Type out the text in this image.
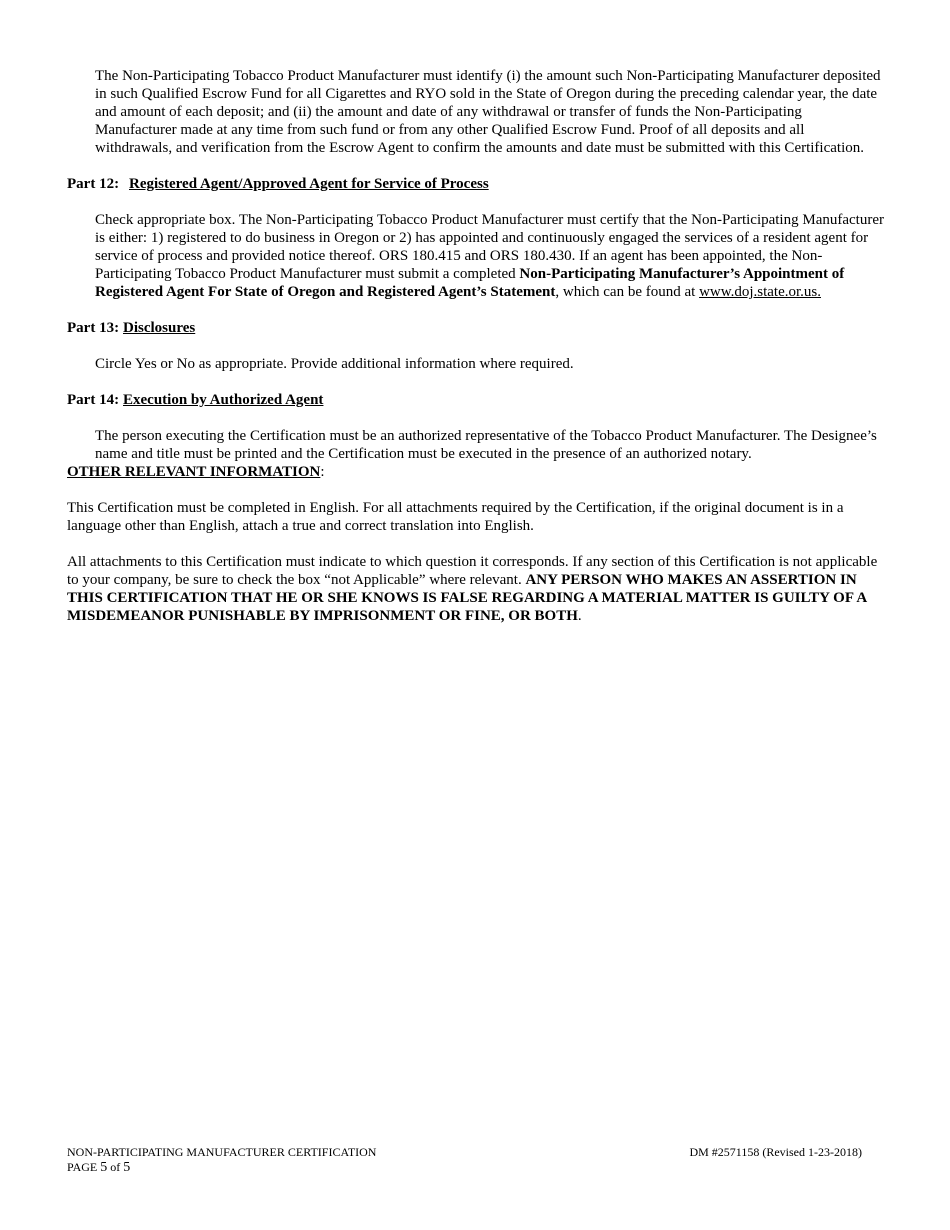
The Non-Participating Tobacco Product Manufacturer must identify (i) the amount such Non-Participating Manufacturer deposited in such Qualified Escrow Fund for all Cigarettes and RYO sold in the State of Oregon during the preceding calendar year, the date and amount of each deposit; and (ii) the amount and date of any withdrawal or transfer of funds the Non-Participating Manufacturer made at any time from such fund or from any other Qualified Escrow Fund. Proof of all deposits and all withdrawals, and verification from the Escrow Agent to confirm the amounts and date must be submitted with this Certification.

Part 12: Registered Agent/Approved Agent for Service of Process

Check appropriate box. The Non-Participating Tobacco Product Manufacturer must certify that the Non-Participating Manufacturer is either: 1) registered to do business in Oregon or 2) has appointed and continuously engaged the services of a resident agent for service of process and provided notice thereof. ORS 180.415 and ORS 180.430. If an agent has been appointed, the Non-Participating Tobacco Product Manufacturer must submit a completed Non-Participating Manufacturer’s Appointment of Registered Agent For State of Oregon and Registered Agent’s Statement, which can be found at www.doj.state.or.us.

Part 13: Disclosures

Circle Yes or No as appropriate. Provide additional information where required.

Part 14: Execution by Authorized Agent

The person executing the Certification must be an authorized representative of the Tobacco Product Manufacturer. The Designee’s name and title must be printed and the Certification must be executed in the presence of an authorized notary.

OTHER RELEVANT INFORMATION:

This Certification must be completed in English. For all attachments required by the Certification, if the original document is in a language other than English, attach a true and correct translation into English.

All attachments to this Certification must indicate to which question it corresponds. If any section of this Certification is not applicable to your company, be sure to check the box “not Applicable” where relevant. ANY PERSON WHO MAKES AN ASSERTION IN THIS CERTIFICATION THAT HE OR SHE KNOWS IS FALSE REGARDING A MATERIAL MATTER IS GUILTY OF A MISDEMEANOR PUNISHABLE BY IMPRISONMENT OR FINE, OR BOTH.

NON-PARTICIPATING MANUFACTURER CERTIFICATION
PAGE 5 of 5
DM #2571158 (Revised 1-23-2018)
